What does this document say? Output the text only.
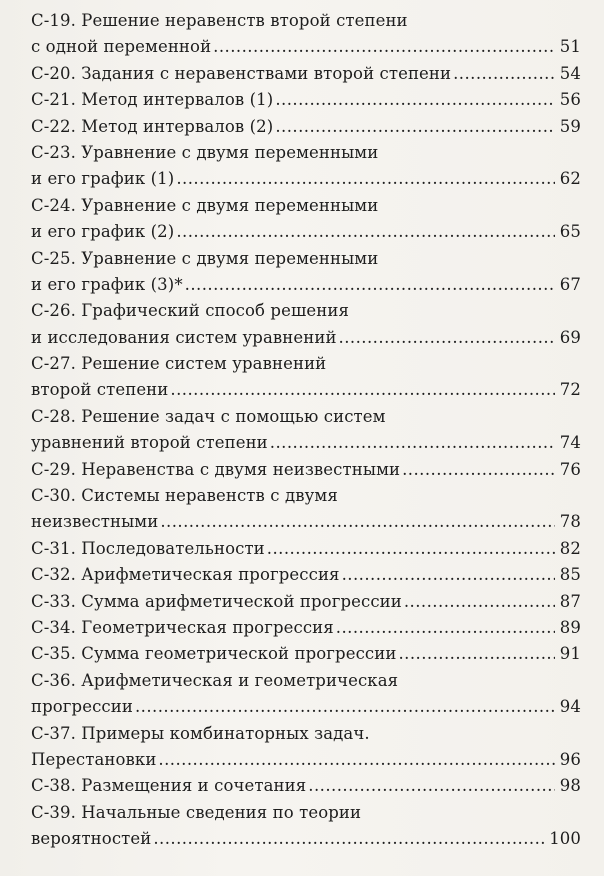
С-19. Решение неравенств второй степени
с одной переменной . . .	51
С-20. Задания с неравенствами второй степени . . .	54
С-21. Метод интервалов (1) . . .	56
С-22. Метод интервалов (2) . . .	59
С-23. Уравнение с двумя переменными
и его график (1) . . .	62
С-24. Уравнение с двумя переменными
и его график (2) . . .	65
С-25. Уравнение с двумя переменными
и его график (3)* . . .	67
С-26. Графический способ решения
и исследования систем уравнений . . .	69
С-27. Решение систем уравнений
второй степени . . .	72
С-28. Решение задач с помощью систем
уравнений второй степени . . .	74
С-29. Неравенства с двумя неизвестными . . .	76
С-30. Системы неравенств с двумя
неизвестными . . .	78
С-31. Последовательности . . .	82
С-32. Арифметическая прогрессия . . .	85
С-33. Сумма арифметической прогрессии . . .	87
С-34. Геометрическая прогрессия . . .	89
С-35. Сумма геометрической прогрессии . . .	91
С-36. Арифметическая и геометрическая
прогрессии . . .	94
С-37. Примеры комбинаторных задач.
Перестановки . . .	96
С-38. Размещения и сочетания . . .	98
С-39. Начальные сведения по теории
вероятностей . . .	100
